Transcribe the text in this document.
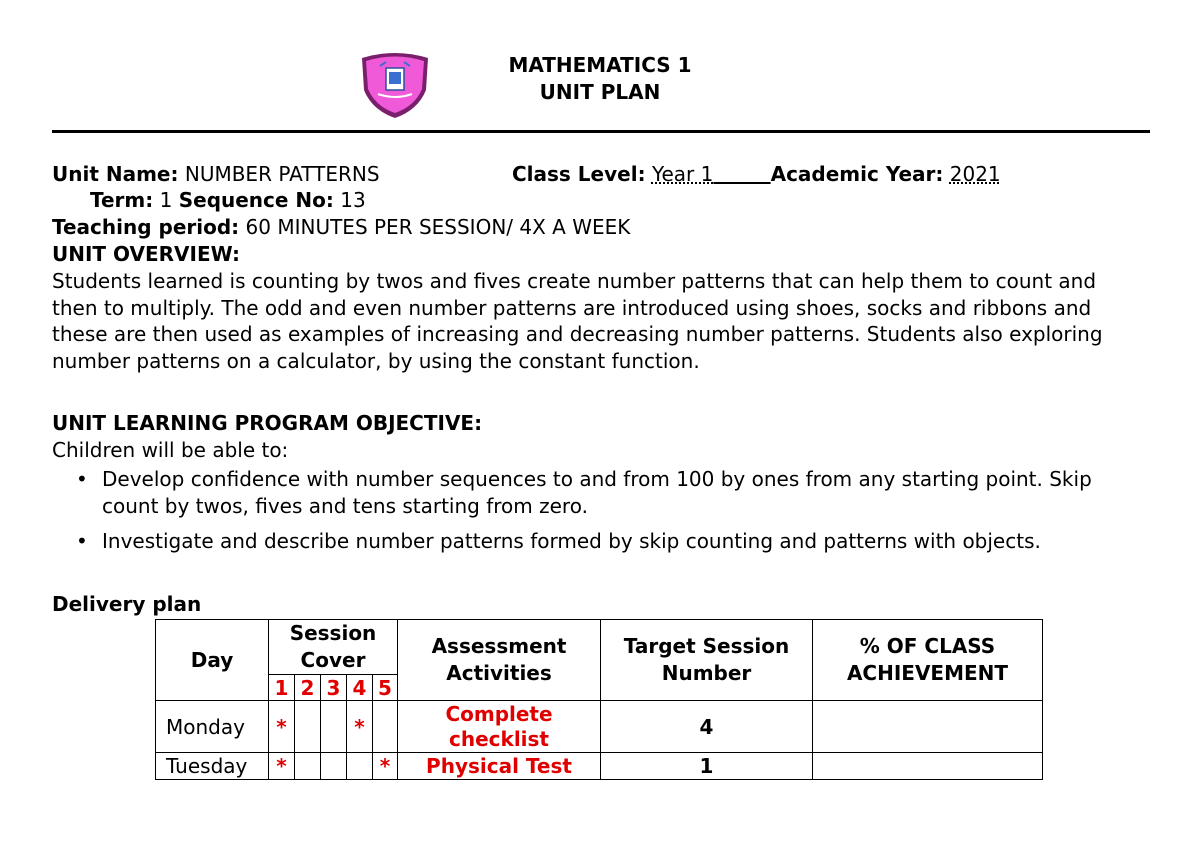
MATHEMATICS 1
UNIT PLAN
Unit Name: NUMBER PATTERNS	Class Level: Year 1	Academic Year: 2021
Term: 1 Sequence No: 13
Teaching period: 60 MINUTES PER SESSION/ 4X A WEEK
UNIT OVERVIEW:
Students learned is counting by twos and fives create number patterns that can help them to count and then to multiply. The odd and even number patterns are introduced using shoes, socks and ribbons and these are then used as examples of increasing and decreasing number patterns. Students also exploring number patterns on a calculator, by using the constant function.
UNIT LEARNING PROGRAM OBJECTIVE:
Children will be able to:
• Develop confidence with number sequences to and from 100 by ones from any starting point. Skip count by twos, fives and tens starting from zero.
• Investigate and describe number patterns formed by skip counting and patterns with objects.
Delivery plan
Day	Session Cover					Assessment Activities	Target Session Number	% OF CLASS ACHIEVEMENT
	1	2	3	4	5			
Monday	*			*		Complete checklist	4	
Tuesday	*				*	Physical Test	1	
